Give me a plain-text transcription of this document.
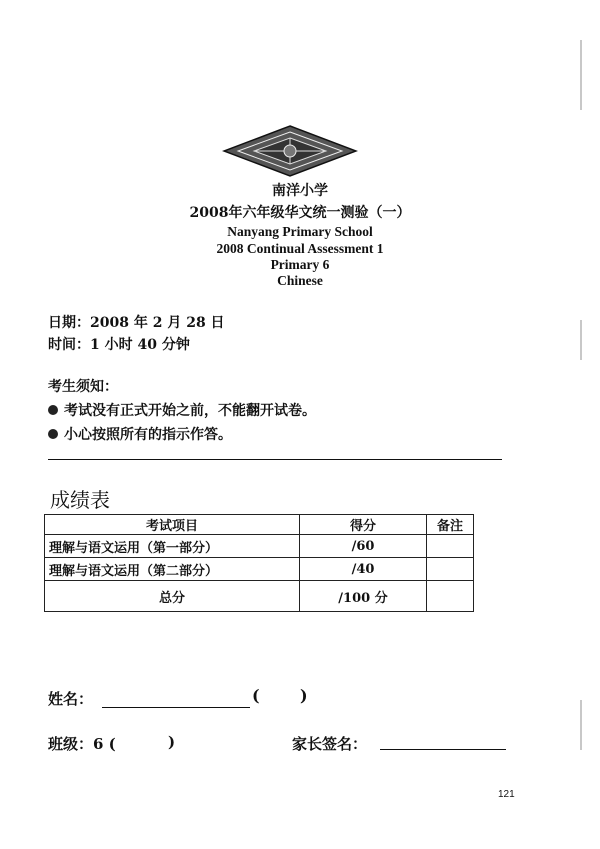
南洋小学
2008年六年级华文统一测验（一）
Nanyang Primary School
2008 Continual Assessment 1
Primary 6
Chinese
日期：2008 年 2 月 28 日
时间：1 小时 40 分钟
考生须知：
考试没有正式开始之前，不能翻开试卷。
小心按照所有的指示作答。
成绩表
考试项目	得分	备注
理解与语文运用（第一部分）	/60	
理解与语文运用（第二部分）	/40	
总分	/100 分	
姓名：	(	)
班级：6 (	)	家长签名：
121
